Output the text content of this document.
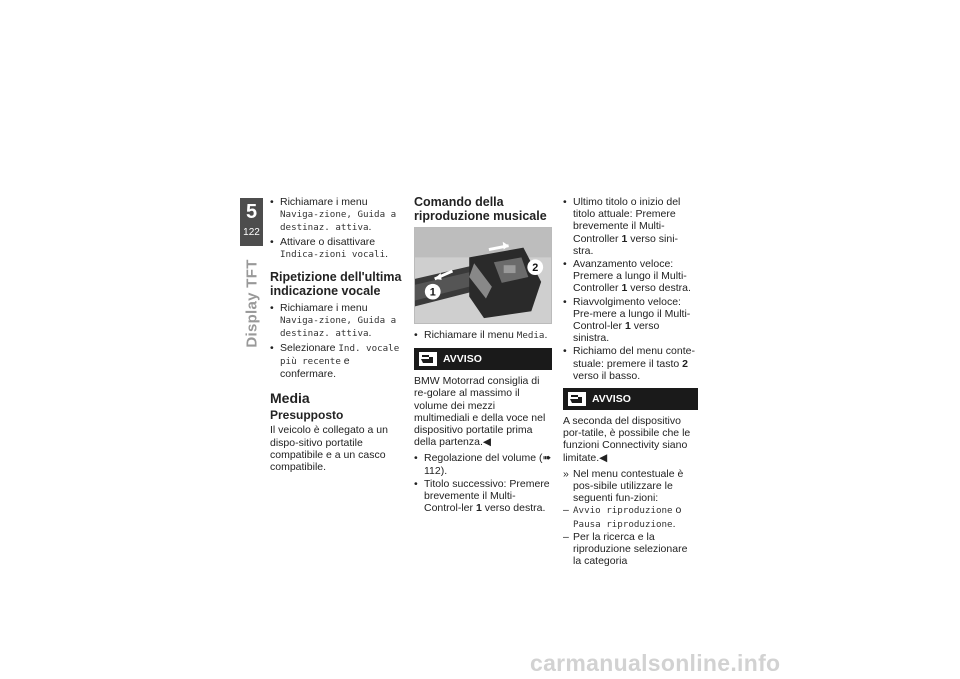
5
122
Display TFT
• Richiamare i menu Naviga-zione, Guida a destinaz. attiva.
• Attivare o disattivare Indica-zioni vocali.
Ripetizione dell'ultima indicazione vocale
• Richiamare i menu Naviga-zione, Guida a destinaz. attiva.
• Selezionare Ind. vocale più recente e confermare.
Media
Presupposto

Il veicolo è collegato a un dispo-sitivo portatile compatibile e a un casco compatibile.

Comando della riproduzione musicale
1
2
• Richiamare il menu Media.
AVVISO

BMW Motorrad consiglia di re-golare al massimo il volume dei mezzi multimediali e della voce nel dispositivo portatile prima della partenza.◀

• Regolazione del volume (➠ 112).
• Titolo successivo: Premere brevemente il Multi-Control-ler 1 verso destra.
• Ultimo titolo o inizio del titolo attuale: Premere brevemente il Multi-Controller 1 verso sini-stra.
• Avanzamento veloce: Premere a lungo il Multi-Controller 1 verso destra.
• Riavvolgimento veloce: Pre-mere a lungo il Multi-Control-ler 1 verso sinistra.
• Richiamo del menu conte-stuale: premere il tasto 2 verso il basso.
AVVISO

A seconda del dispositivo por-tatile, è possibile che le funzioni Connectivity siano limitate.◀

» Nel menu contestuale è pos-sibile utilizzare le seguenti fun-zioni:
– Avvio riproduzione o Pausa riproduzione.
– Per la ricerca e la riproduzione selezionare la categoria
carmanualsonline.info
